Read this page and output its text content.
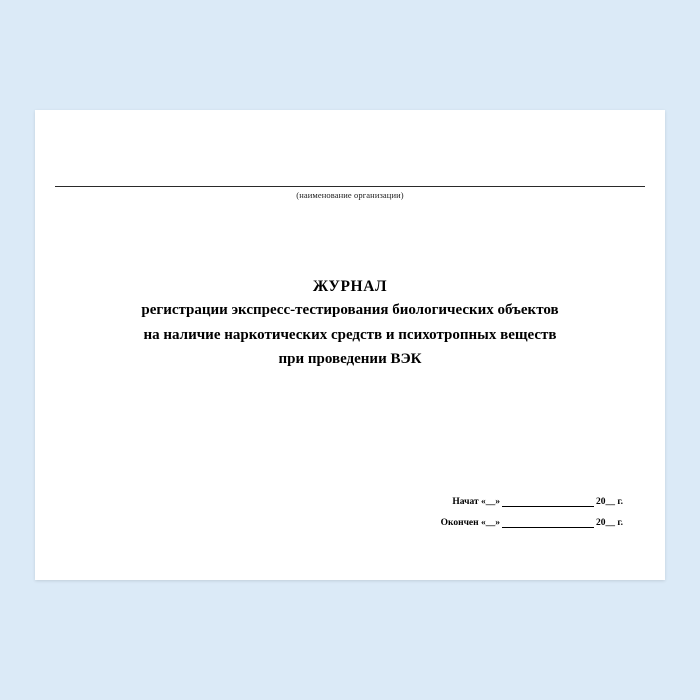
(наименование организации)
ЖУРНАЛ
регистрации экспресс-тестирования биологических объектов
на наличие наркотических средств и психотропных веществ
при проведении ВЭК
Начат «__»	20__ г.
Окончен «__»	20__ г.
